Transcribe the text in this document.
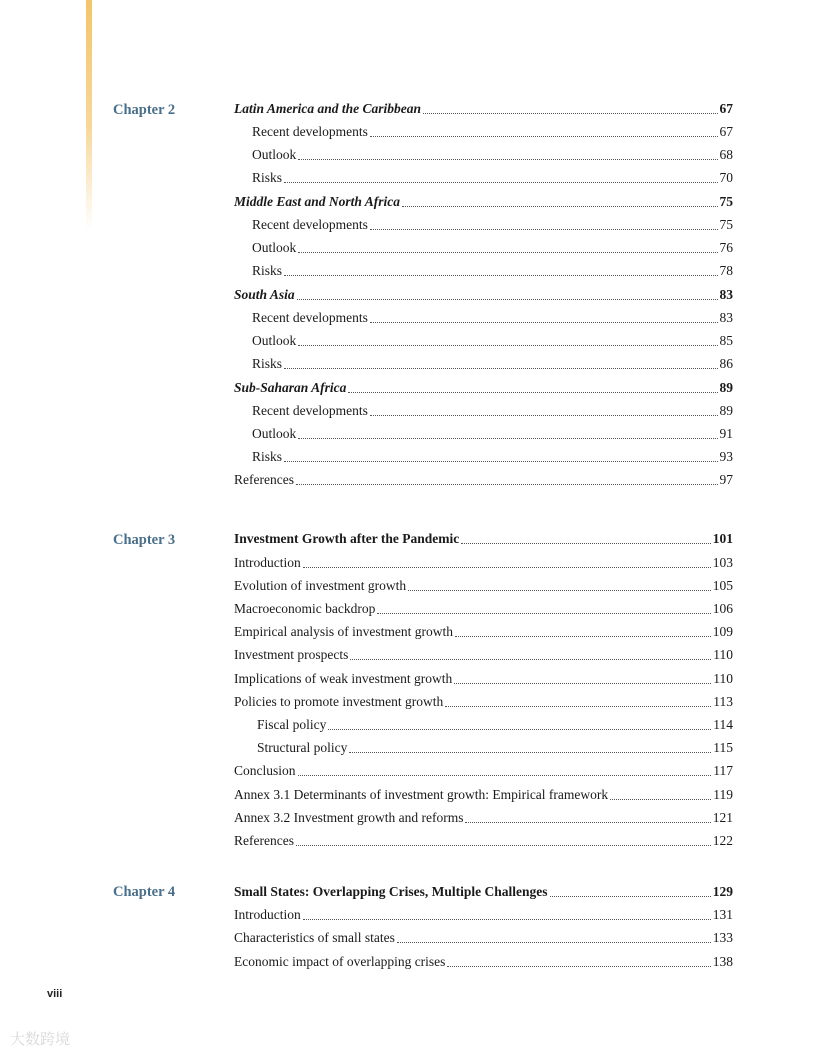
Chapter 2	Latin America and the Caribbean	67
Recent developments	67
Outlook	68
Risks	70
Middle East and North Africa	75
Recent developments	75
Outlook	76
Risks	78
South Asia	83
Recent developments	83
Outlook	85
Risks	86
Sub-Saharan Africa	89
Recent developments	89
Outlook	91
Risks	93
References	97
Chapter 3	Investment Growth after the Pandemic	101
Introduction	103
Evolution of investment growth	105
Macroeconomic backdrop	106
Empirical analysis of investment growth	109
Investment prospects	110
Implications of weak investment growth	110
Policies to promote investment growth	113
Fiscal policy	114
Structural policy	115
Conclusion	117
Annex 3.1 Determinants of investment growth: Empirical framework	119
Annex 3.2 Investment growth and reforms	121
References	122
Chapter 4	Small States: Overlapping Crises, Multiple Challenges	129
Introduction	131
Characteristics of small states	133
Economic impact of overlapping crises	138
viii
大数跨境
